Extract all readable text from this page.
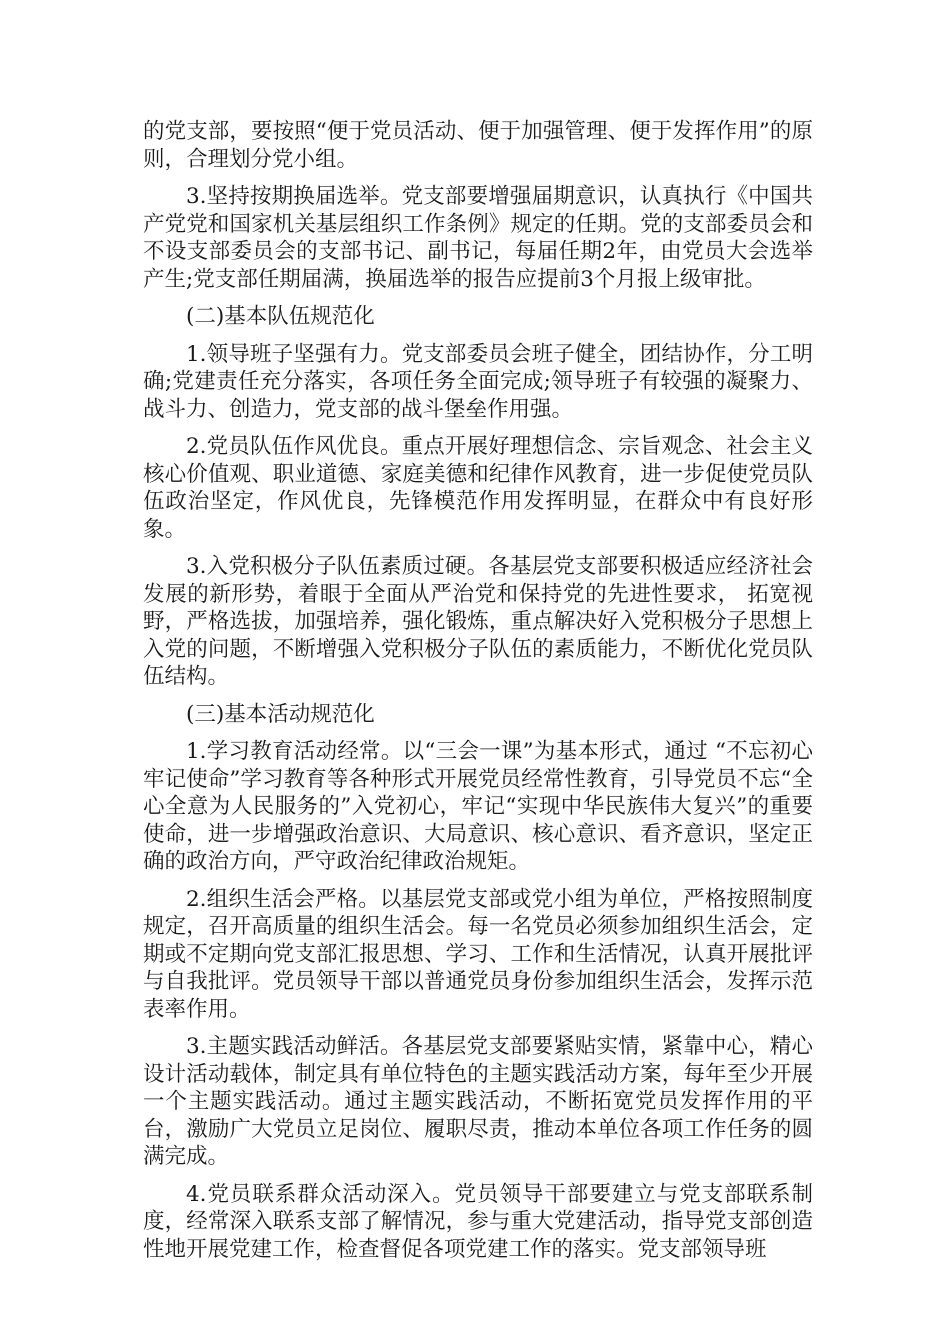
的党支部，要按照“便于党员活动、便于加强管理、便于发挥作用”的原则，合理划分党小组。

3.坚持按期换届选举。党支部要增强届期意识，认真执行《中国共产党党和国家机关基层组织工作条例》规定的任期。党的支部委员会和不设支部委员会的支部书记、副书记，每届任期2年，由党员大会选举产生;党支部任期届满，换届选举的报告应提前3个月报上级审批。

(二)基本队伍规范化

1.领导班子坚强有力。党支部委员会班子健全，团结协作，分工明确;党建责任充分落实，各项任务全面完成;领导班子有较强的凝聚力、战斗力、创造力，党支部的战斗堡垒作用强。

2.党员队伍作风优良。重点开展好理想信念、宗旨观念、社会主义核心价值观、职业道德、家庭美德和纪律作风教育，进一步促使党员队伍政治坚定，作风优良，先锋模范作用发挥明显，在群众中有良好形象。

3.入党积极分子队伍素质过硬。各基层党支部要积极适应经济社会发展的新形势，着眼于全面从严治党和保持党的先进性要求， 拓宽视野，严格选拔，加强培养，强化锻炼，重点解决好入党积极分子思想上入党的问题，不断增强入党积极分子队伍的素质能力，不断优化党员队伍结构。

(三)基本活动规范化

1.学习教育活动经常。以“三会一课”为基本形式，通过 “不忘初心 牢记使命”学习教育等各种形式开展党员经常性教育，引导党员不忘“全心全意为人民服务的”入党初心，牢记“实现中华民族伟大复兴”的重要使命，进一步增强政治意识、大局意识、核心意识、看齐意识，坚定正确的政治方向，严守政治纪律政治规矩。

2.组织生活会严格。以基层党支部或党小组为单位，严格按照制度规定，召开高质量的组织生活会。每一名党员必须参加组织生活会，定期或不定期向党支部汇报思想、学习、工作和生活情况，认真开展批评与自我批评。党员领导干部以普通党员身份参加组织生活会，发挥示范表率作用。

3.主题实践活动鲜活。各基层党支部要紧贴实情，紧靠中心，精心设计活动载体，制定具有单位特色的主题实践活动方案，每年至少开展一个主题实践活动。通过主题实践活动，不断拓宽党员发挥作用的平台，激励广大党员立足岗位、履职尽责，推动本单位各项工作任务的圆满完成。

4.党员联系群众活动深入。党员领导干部要建立与党支部联系制度，经常深入联系支部了解情况，参与重大党建活动，指导党支部创造性地开展党建工作，检查督促各项党建工作的落实。党支部领导班
